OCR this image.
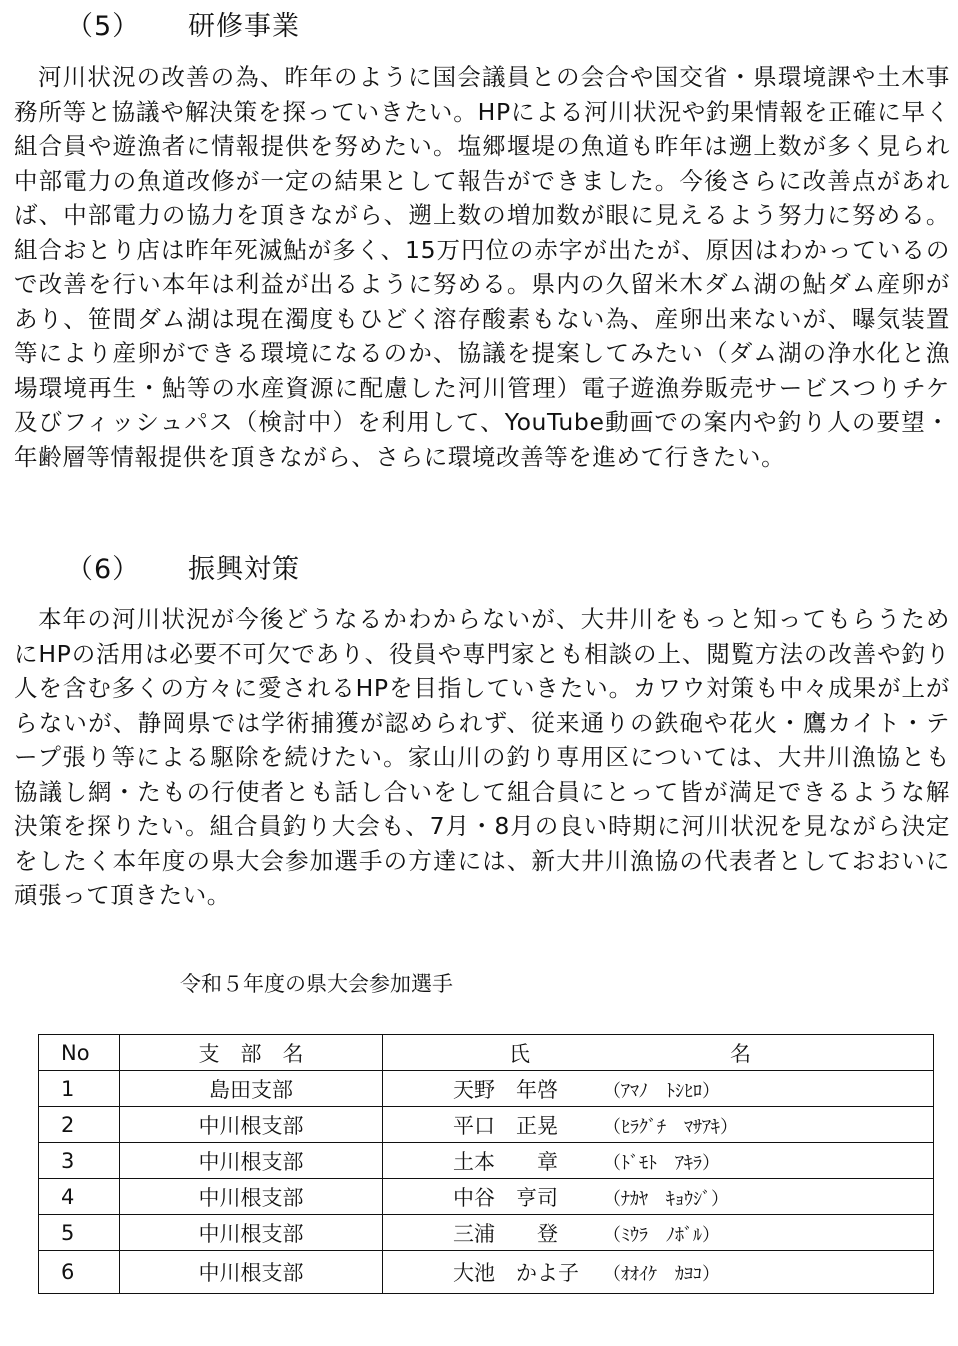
（5） 研修事業
河川状況の改善の為、昨年のように国会議員との会合や国交省・県環境課や土木事務所等と協議や解決策を探っていきたい。HPによる河川状況や釣果情報を正確に早く組合員や遊漁者に情報提供を努めたい。塩郷堰堤の魚道も昨年は遡上数が多く見られ中部電力の魚道改修が一定の結果として報告ができました。今後さらに改善点があれば、中部電力の協力を頂きながら、遡上数の増加数が眼に見えるよう努力に努める。組合おとり店は昨年死滅鮎が多く、15万円位の赤字が出たが、原因はわかっているので改善を行い本年は利益が出るように努める。県内の久留米木ダム湖の鮎ダム産卵があり、笹間ダム湖は現在濁度もひどく溶存酸素もない為、産卵出来ないが、曝気装置等により産卵ができる環境になるのか、協議を提案してみたい（ダム湖の浄水化と漁場環境再生・鮎等の水産資源に配慮した河川管理）電子遊漁券販売サービスつりチケ及びフィッシュパス（検討中）を利用して、YouTube動画での案内や釣り人の要望・年齢層等情報提供を頂きながら、さらに環境改善等を進めて行きたい。
（6） 振興対策
本年の河川状況が今後どうなるかわからないが、大井川をもっと知ってもらうためにHPの活用は必要不可欠であり、役員や専門家とも相談の上、閲覧方法の改善や釣り人を含む多くの方々に愛されるHPを目指していきたい。カワウ対策も中々成果が上がらないが、静岡県では学術捕獲が認められず、従来通りの鉄砲や花火・鷹カイト・テープ張り等による駆除を続けたい。家山川の釣り専用区については、大井川漁協とも協議し網・たもの行使者とも話し合いをして組合員にとって皆が満足できるような解決策を探りたい。組合員釣り大会も、7月・8月の良い時期に河川状況を見ながら決定をしたく本年度の県大会参加選手の方達には、新大井川漁協の代表者としておおいに頑張って頂きたい。
令和５年度の県大会参加選手
No	支　部　名	氏 名
1	島田支部	天野　年啓 （ｱﾏﾉ　ﾄｼﾋﾛ）
2	中川根支部	平口　正晃 （ﾋﾗｸﾞﾁ　ﾏｻｱｷ）
3	中川根支部	土本　　章 （ﾄﾞﾓﾄ　ｱｷﾗ）
4	中川根支部	中谷　亨司 （ﾅｶﾔ　ｷｮｳｼﾞ）
5	中川根支部	三浦　　登 （ﾐｳﾗ　ﾉﾎﾞﾙ）
6	中川根支部	大池　かよ子 （ｵｵｲｹ　ｶﾖｺ）
